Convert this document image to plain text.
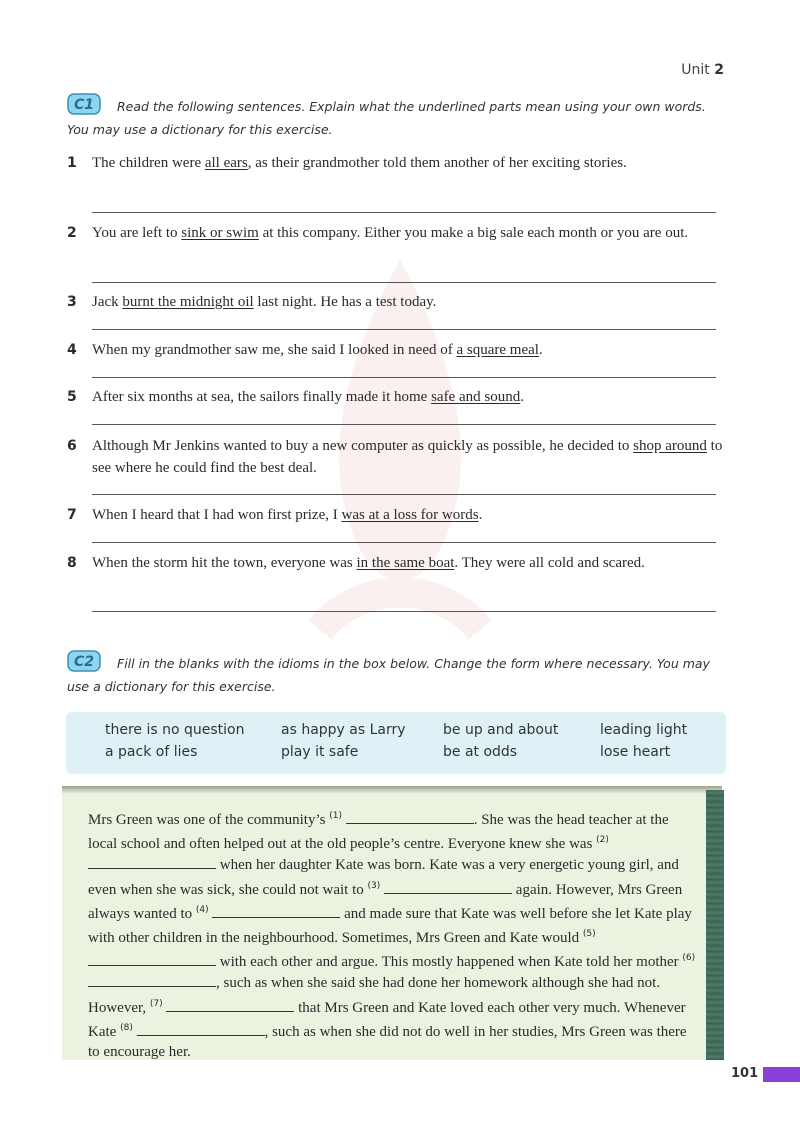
Unit 2
C1 Read the following sentences. Explain what the underlined parts mean using your own words. You may use a dictionary for this exercise.
1 The children were all ears, as their grandmother told them another of her exciting stories.
2 You are left to sink or swim at this company. Either you make a big sale each month or you are out.
3 Jack burnt the midnight oil last night. He has a test today.
4 When my grandmother saw me, she said I looked in need of a square meal.
5 After six months at sea, the sailors finally made it home safe and sound.
6 Although Mr Jenkins wanted to buy a new computer as quickly as possible, he decided to shop around to see where he could find the best deal.
7 When I heard that I had won first prize, I was at a loss for words.
8 When the storm hit the town, everyone was in the same boat. They were all cold and scared.
C2 Fill in the blanks with the idioms in the box below. Change the form where necessary. You may use a dictionary for this exercise.
there is no question	as happy as Larry	be up and about	leading light
a pack of lies	play it safe	be at odds	lose heart
Mrs Green was one of the community’s $^{(1)}$	. She was the head teacher at the local school and often helped out at the old people’s centre. Everyone knew she was $^{(2)}$  when her daughter Kate was born. Kate was a very energetic young girl, and even when she was sick, she could not wait to $^{(3)}$	again. However, Mrs Green always wanted to $^{(4)}$	and made sure that Kate was well before she let Kate play with other children in the neighbourhood. Sometimes, Mrs Green and Kate would $^{(5)}$  with each other and argue. This mostly happened when Kate told her mother $^{(6)}$ , such as when she said she had done her homework although she had not. However, $^{(7)}$	that Mrs Green and Kate loved each other very much. Whenever Kate $^{(8)}$	, such as when she did not do well in her studies, Mrs Green was there to encourage her.
101
